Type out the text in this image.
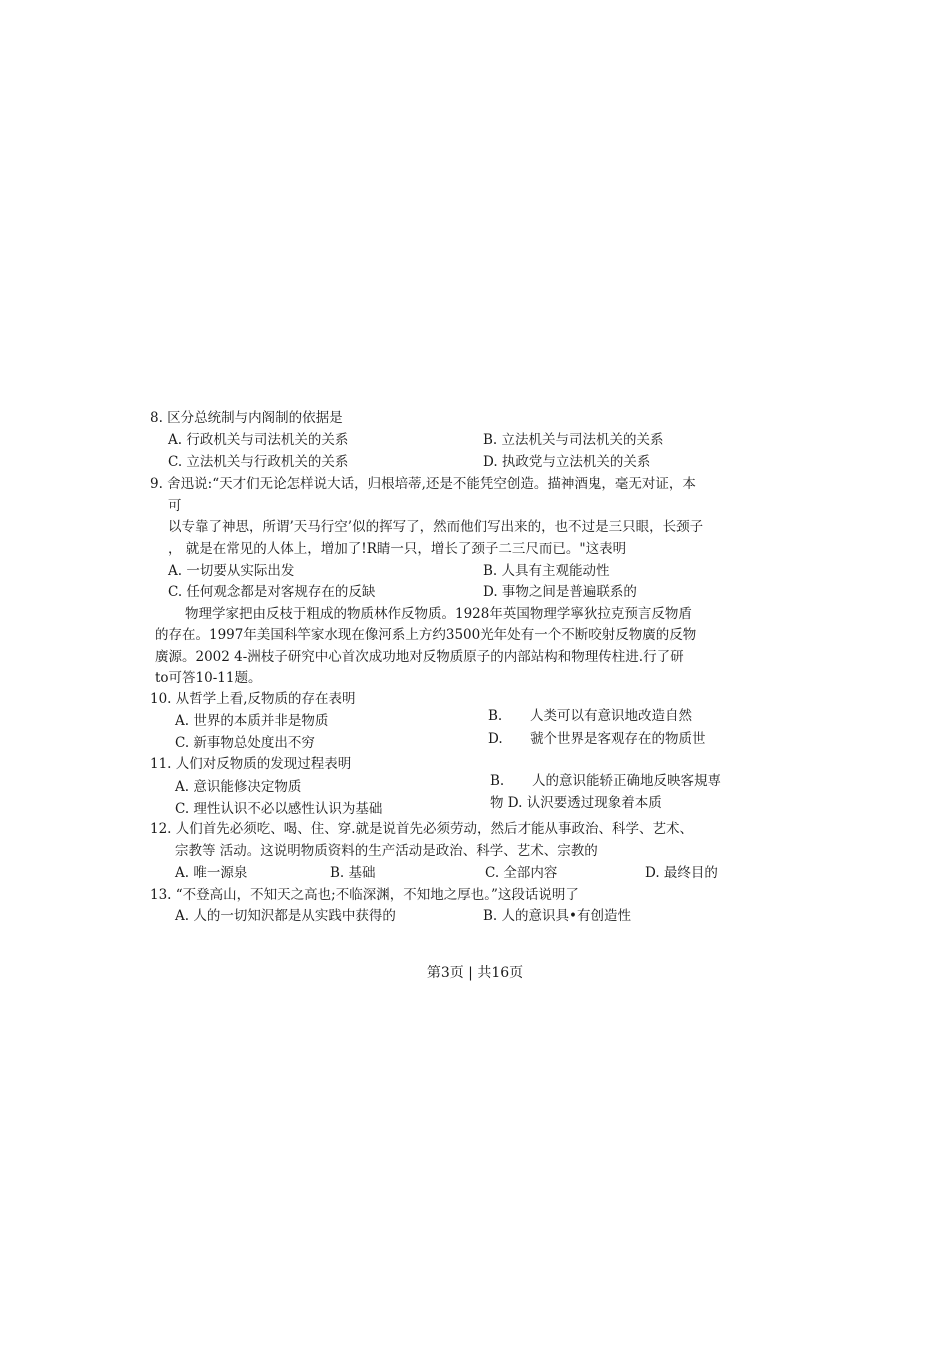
8. 区分总统制与内阁制的依据是
A. 行政机关与司法机关的关系	B. 立法机关与司法机关的关系
C. 立法机关与行政机关的关系	D. 执政党与立法机关的关系
9. 舍迅说:“天才们无论怎样说大话，归根培蒂,还是不能凭空创造。描神酒鬼，毫无对证，本
可
以专靠了神思，所谓’天马行空’似的挥写了，然而他们写出来的，也不过是三只眼，长颈子
， 就是在常见的人体上，增加了!R睛一只，增长了颈子二三尺而已。"这表明
A. 一切要从实际出发	B. 人具有主观能动性
C. 任何观念都是对客规存在的反缺	D. 事物之间是普遍联系的
物理学家把由反枝于粗成的物质林作反物质。1928年英国物理学寧狄拉克预言反物盾
的存在。1997年美国科竿家水现在像河系上方约3500光年处有一个不断咬射反物廣的反物
廣源。2002 4-洲枝子研究中心首次成功地对反物质原子的内部站构和物理传柱进.行了研
to可答10-11题。
10. 从哲学上看,反物质的存在表明
A. 世界的本质并非是物质	B. 人类可以有意识地改造自然
C. 新事物总处度出不穷	D. 虢个世界是客观存在的物质世
11. 人们对反物质的发现过程表明
A. 意识能修决定物质	B. 人的意识能轿正确地反映客規専
C. 理性认识不必以感性认识为基础	物 D. 认沢要透过现象着本质
12. 人们首先必须吃、喝、住、穿.就是说首先必须劳动，然后才能从事政治、科学、艺术、
宗教等 活动。这说明物质资料的生产活动是政治、科学、艺术、宗教的
A. 唯一源泉	B. 基础	C. 全部内容	D. 最终目的
13. “不登高山，不知天之高也;不临深渊，不知地之厚也。”这段话说明了
A. 人的一切知沢都是从实践中获得的	B. 人的意识具•有创造性
第3页 | 共16页
